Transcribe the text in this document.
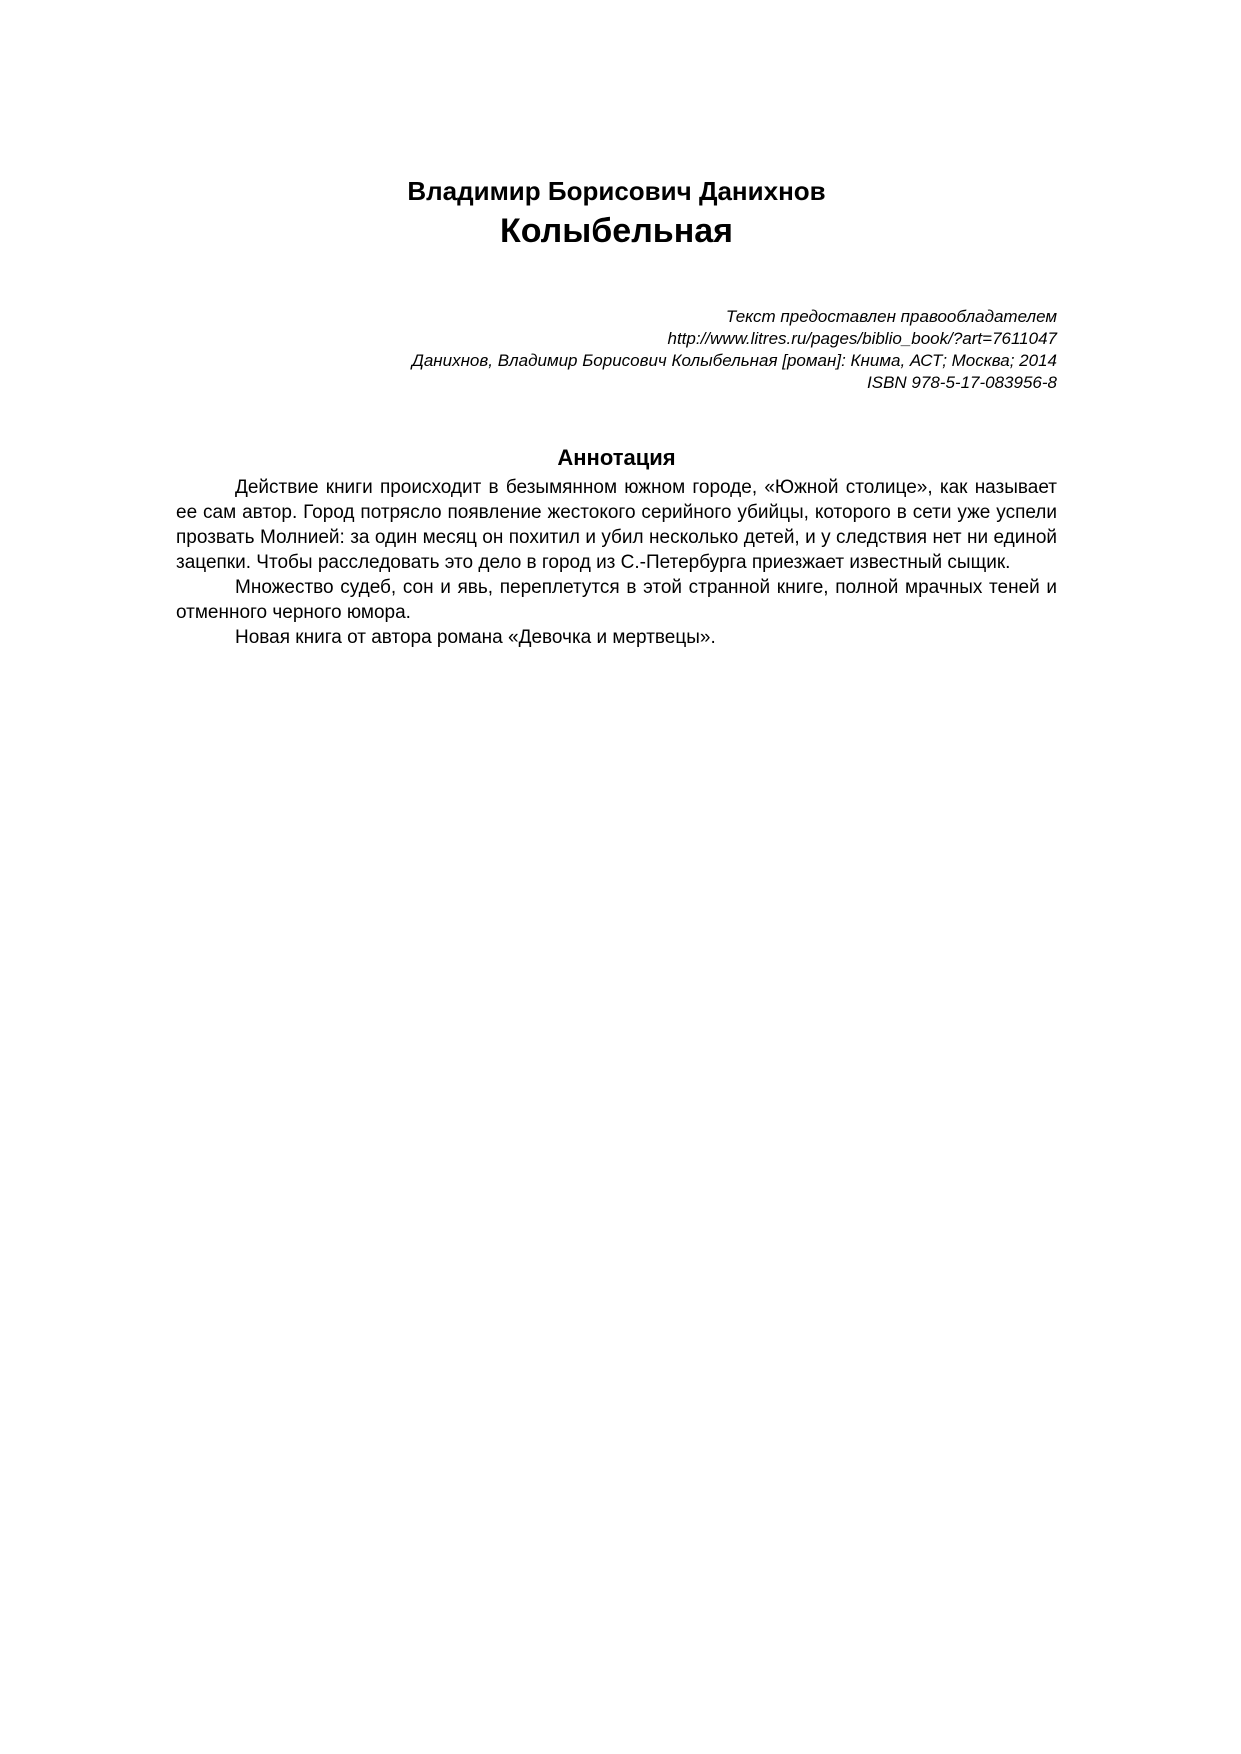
Владимир Борисович Данихнов
Колыбельная
Текст предоставлен правообладателем
http://www.litres.ru/pages/biblio_book/?art=7611047
Данихнов, Владимир Борисович Колыбельная [роман]: Книма, АСТ; Москва; 2014
ISBN 978-5-17-083956-8
Аннотация

Действие книги происходит в безымянном южном городе, «Южной столице», как называет ее сам автор. Город потрясло появление жестокого серийного убийцы, которого в сети уже успели прозвать Молнией: за один месяц он похитил и убил несколько детей, и у следствия нет ни единой зацепки. Чтобы расследовать это дело в город из С.-Петербурга приезжает известный сыщик.

Множество судеб, сон и явь, переплетутся в этой странной книге, полной мрачных теней и отменного черного юмора.

Новая книга от автора романа «Девочка и мертвецы».
